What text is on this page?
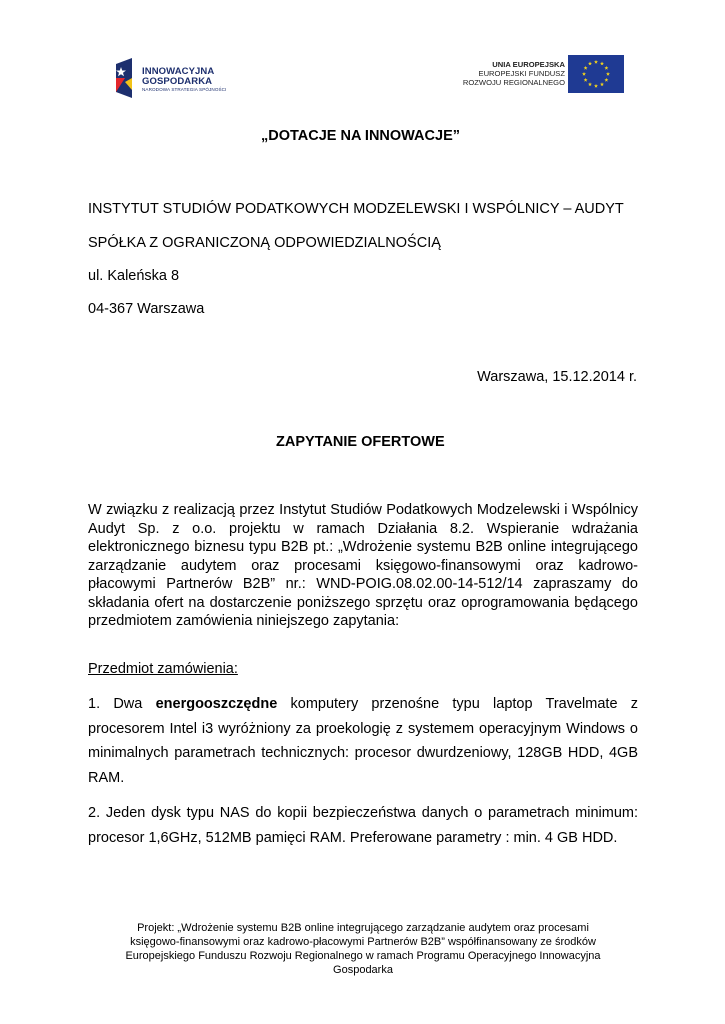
INNOWACYJNA
GOSPODARKA
NARODOWA STRATEGIA SPÓJNOŚCI
UNIA EUROPEJSKA
EUROPEJSKI FUNDUSZ
ROZWOJU REGIONALNEGO
„DOTACJE NA INNOWACJE”
INSTYTUT STUDIÓW PODATKOWYCH MODZELEWSKI I WSPÓLNICY – AUDYT
SPÓŁKA Z OGRANICZONĄ ODPOWIEDZIALNOŚCIĄ
ul. Kaleńska 8
04-367 Warszawa
Warszawa, 15.12.2014 r.
ZAPYTANIE OFERTOWE
W związku z realizacją przez Instytut Studiów Podatkowych Modzelewski i Wspólnicy
Audyt Sp. z o.o. projektu w ramach Działania 8.2. Wspieranie wdrażania
elektronicznego biznesu typu B2B pt.: „Wdrożenie systemu B2B online integrującego
zarządzanie audytem oraz procesami księgowo-finansowymi oraz kadrowo-
płacowymi Partnerów B2B” nr.: WND-POIG.08.02.00-14-512/14 zapraszamy do
składania ofert na dostarczenie poniższego sprzętu oraz oprogramowania będącego
przedmiotem zamówienia niniejszego zapytania:
Przedmiot zamówienia:
1. Dwa energooszczędne komputery przenośne typu laptop Travelmate z
procesorem Intel i3 wyróżniony za proekologię z systemem operacyjnym Windows o
minimalnych parametrach technicznych: procesor dwurdzeniowy, 128GB HDD, 4GB
RAM.
2. Jeden dysk typu NAS do kopii bezpieczeństwa danych o parametrach minimum:
procesor 1,6GHz, 512MB pamięci RAM. Preferowane parametry : min. 4 GB HDD.
Projekt: „Wdrożenie systemu B2B online integrującego zarządzanie audytem oraz procesami
księgowo-finansowymi oraz kadrowo-płacowymi Partnerów B2B” współfinansowany ze środków
Europejskiego Funduszu Rozwoju Regionalnego w ramach Programu Operacyjnego Innowacyjna
Gospodarka
